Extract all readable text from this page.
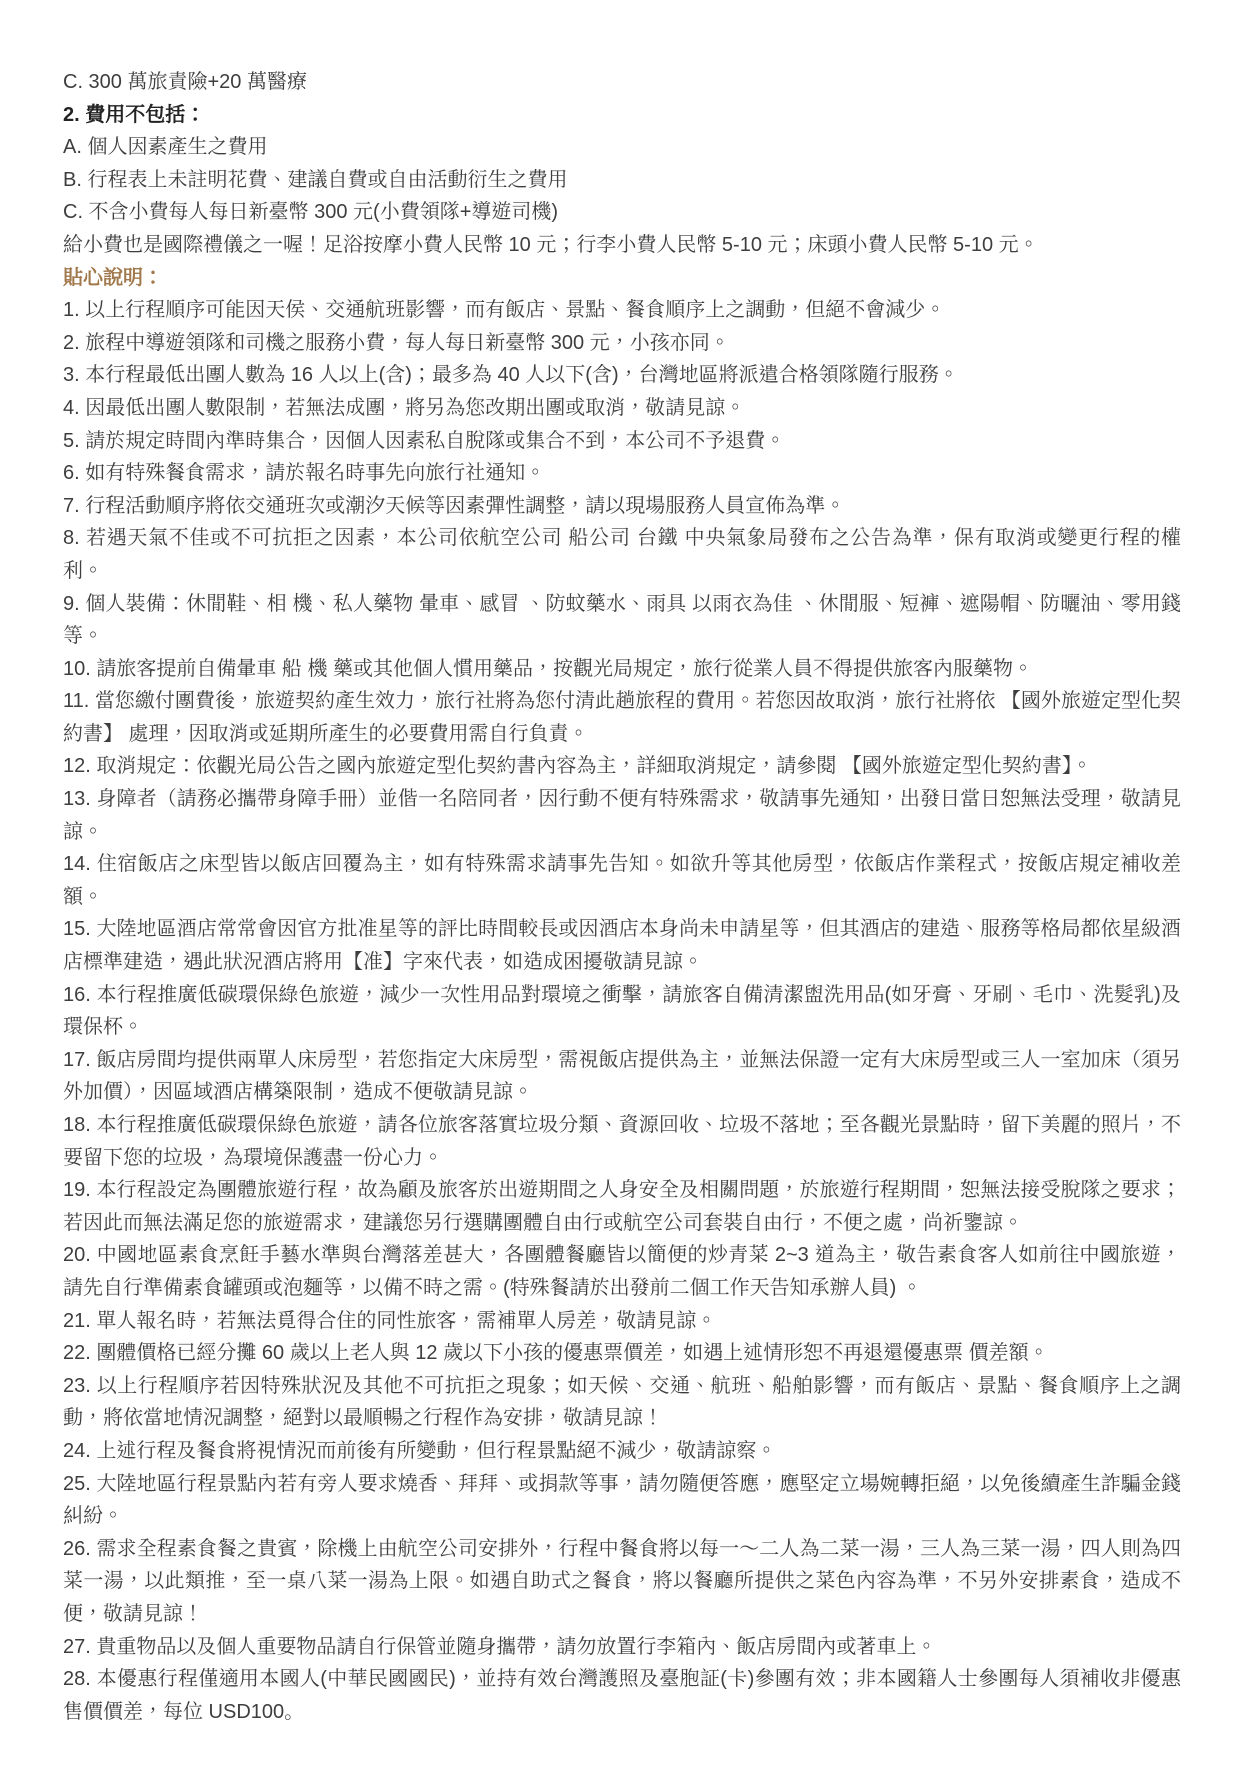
C. 300 萬旅責險+20 萬醫療

2. 費用不包括：

A. 個人因素產生之費用

B. 行程表上未註明花費、建議自費或自由活動衍生之費用

C. 不含小費每人每日新臺幣 300 元(小費領隊+導遊司機)

給小費也是國際禮儀之一喔！足浴按摩小費人民幣 10 元；行李小費人民幣 5-10 元；床頭小費人民幣 5-10 元。

貼心說明：

1. 以上行程順序可能因天侯、交通航班影響，而有飯店、景點、餐食順序上之調動，但絕不會減少。

2. 旅程中導遊領隊和司機之服務小費，每人每日新臺幣 300 元，小孩亦同。

3. 本行程最低出團人數為 16 人以上(含)；最多為 40 人以下(含)，台灣地區將派遣合格領隊隨行服務。

4. 因最低出團人數限制，若無法成團，將另為您改期出團或取消，敬請見諒。

5. 請於規定時間內準時集合，因個人因素私自脫隊或集合不到，本公司不予退費。

6. 如有特殊餐食需求，請於報名時事先向旅行社通知。

7. 行程活動順序將依交通班次或潮汐天候等因素彈性調整，請以現場服務人員宣佈為準。

8. 若遇天氣不佳或不可抗拒之因素，本公司依航空公司 船公司 台鐵 中央氣象局發布之公告為準，保有取消或變更行程的權利。

9. 個人裝備：休閒鞋、相 機、私人藥物 暈車、感冒 、防蚊藥水、雨具 以雨衣為佳 、休閒服、短褲、遮陽帽、防曬油、零用錢等。

10. 請旅客提前自備暈車 船 機 藥或其他個人慣用藥品，按觀光局規定，旅行從業人員不得提供旅客內服藥物。

11. 當您繳付團費後，旅遊契約產生效力，旅行社將為您付清此趟旅程的費用。若您因故取消，旅行社將依 【國外旅遊定型化契約書】 處理，因取消或延期所產生的必要費用需自行負責。

12. 取消規定：依觀光局公告之國內旅遊定型化契約書內容為主，詳細取消規定，請參閱 【國外旅遊定型化契約書】。

13. 身障者（請務必攜帶身障手冊）並偕一名陪同者，因行動不便有特殊需求，敬請事先通知，出發日當日恕無法受理，敬請見諒。

14. 住宿飯店之床型皆以飯店回覆為主，如有特殊需求請事先告知。如欲升等其他房型，依飯店作業程式，按飯店規定補收差額。

15. 大陸地區酒店常常會因官方批准星等的評比時間較長或因酒店本身尚未申請星等，但其酒店的建造、服務等格局都依星級酒店標準建造，遇此狀況酒店將用【准】字來代表，如造成困擾敬請見諒。

16. 本行程推廣低碳環保綠色旅遊，減少一次性用品對環境之衝擊，請旅客自備清潔盥洗用品(如牙膏、牙刷、毛巾、洗髮乳)及環保杯。

17. 飯店房間均提供兩單人床房型，若您指定大床房型，需視飯店提供為主，並無法保證一定有大床房型或三人一室加床（須另外加價），因區域酒店構築限制，造成不便敬請見諒。

18. 本行程推廣低碳環保綠色旅遊，請各位旅客落實垃圾分類、資源回收、垃圾不落地；至各觀光景點時，留下美麗的照片，不要留下您的垃圾，為環境保護盡一份心力。

19. 本行程設定為團體旅遊行程，故為顧及旅客於出遊期間之人身安全及相關問題，於旅遊行程期間，恕無法接受脫隊之要求；若因此而無法滿足您的旅遊需求，建議您另行選購團體自由行或航空公司套裝自由行，不便之處，尚祈鑒諒。

20. 中國地區素食烹飪手藝水準與台灣落差甚大，各團體餐廳皆以簡便的炒青菜 2~3 道為主，敬告素食客人如前往中國旅遊，請先自行準備素食罐頭或泡麵等，以備不時之需。(特殊餐請於出發前二個工作天告知承辦人員) 。

21. 單人報名時，若無法覓得合住的同性旅客，需補單人房差，敬請見諒。

22. 團體價格已經分攤 60 歲以上老人與 12 歲以下小孩的優惠票價差，如遇上述情形恕不再退還優惠票 價差額。

23. 以上行程順序若因特殊狀況及其他不可抗拒之現象；如天候、交通、航班、船舶影響，而有飯店、景點、餐食順序上之調動，將依當地情況調整，絕對以最順暢之行程作為安排，敬請見諒！

24. 上述行程及餐食將視情況而前後有所變動，但行程景點絕不減少，敬請諒察。

25. 大陸地區行程景點內若有旁人要求燒香、拜拜、或捐款等事，請勿隨便答應，應堅定立場婉轉拒絕，以免後續產生詐騙金錢糾紛。

26. 需求全程素食餐之貴賓，除機上由航空公司安排外，行程中餐食將以每一～二人為二菜一湯，三人為三菜一湯，四人則為四菜一湯，以此類推，至一桌八菜一湯為上限。如遇自助式之餐食，將以餐廳所提供之菜色內容為準，不另外安排素食，造成不便，敬請見諒！

27. 貴重物品以及個人重要物品請自行保管並隨身攜帶，請勿放置行李箱內、飯店房間內或著車上。

28. 本優惠行程僅適用本國人(中華民國國民)，並持有效台灣護照及臺胞証(卡)參團有效；非本國籍人士參團每人須補收非優惠售價價差，每位 USD100。
